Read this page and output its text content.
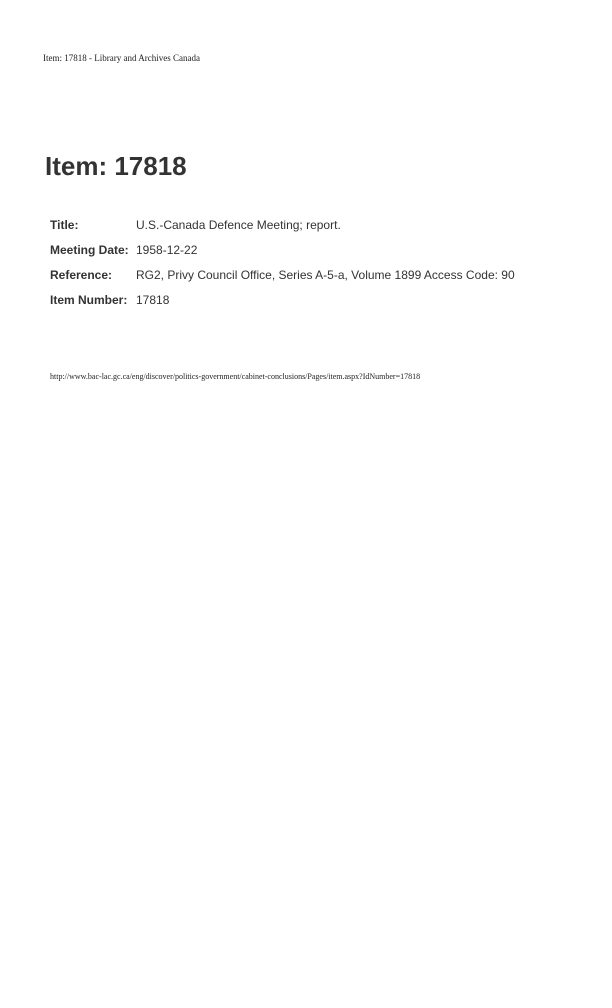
Item: 17818 - Library and Archives Canada
Item: 17818
Title:	U.S.-Canada Defence Meeting; report.
Meeting Date:	1958-12-22
Reference:	RG2, Privy Council Office, Series A-5-a, Volume 1899 Access Code: 90
Item Number:	17818
http://www.bac-lac.gc.ca/eng/discover/politics-government/cabinet-conclusions/Pages/item.aspx?IdNumber=17818
